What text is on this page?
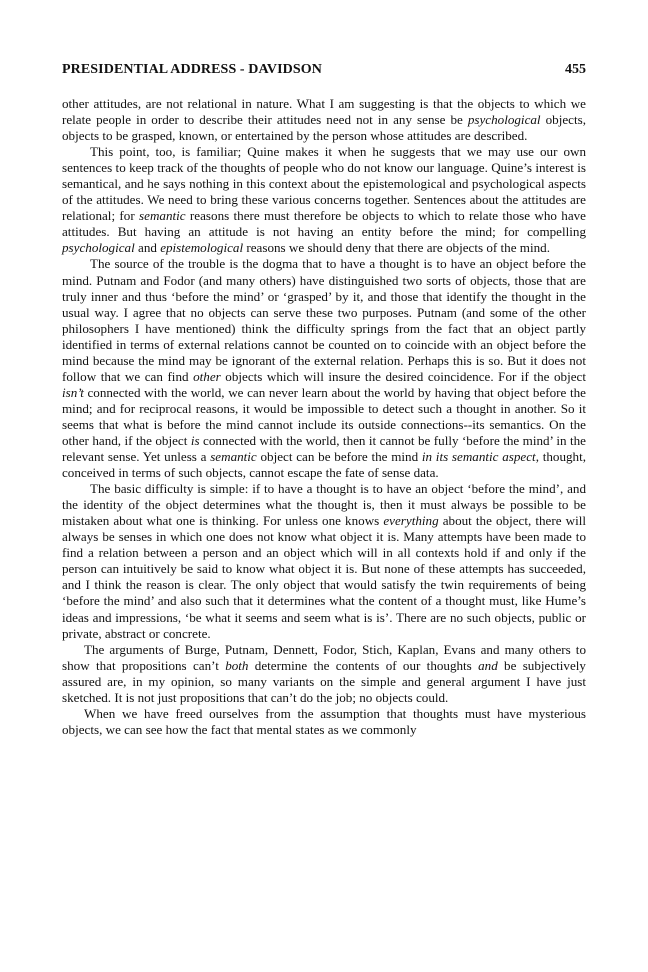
PRESIDENTIAL ADDRESS - DAVIDSON	455

other attitudes, are not relational in nature. What I am suggesting is that the objects to which we relate people in order to describe their attitudes need not in any sense be psychological objects, objects to be grasped, known, or entertained by the person whose attitudes are described.

This point, too, is familiar; Quine makes it when he suggests that we may use our own sentences to keep track of the thoughts of people who do not know our language. Quine’s interest is semantical, and he says nothing in this context about the epistemological and psychological aspects of the attitudes. We need to bring these various concerns together. Sentences about the attitudes are relational; for semantic reasons there must therefore be objects to which to relate those who have attitudes. But having an attitude is not having an entity before the mind; for compelling psychological and epistemological reasons we should deny that there are objects of the mind.

The source of the trouble is the dogma that to have a thought is to have an object before the mind. Putnam and Fodor (and many others) have distinguished two sorts of objects, those that are truly inner and thus ‘before the mind’ or ‘grasped’ by it, and those that identify the thought in the usual way. I agree that no objects can serve these two purposes. Putnam (and some of the other philosophers I have mentioned) think the difficulty springs from the fact that an object partly identified in terms of external relations cannot be counted on to coincide with an object before the mind because the mind may be ignorant of the external relation. Perhaps this is so. But it does not follow that we can find other objects which will insure the desired coincidence. For if the object isn’t connected with the world, we can never learn about the world by having that object before the mind; and for reciprocal reasons, it would be impossible to detect such a thought in another. So it seems that what is before the mind cannot include its outside connections--its semantics. On the other hand, if the object is connected with the world, then it cannot be fully ‘before the mind’ in the relevant sense. Yet unless a semantic object can be before the mind in its semantic aspect, thought, conceived in terms of such objects, cannot escape the fate of sense data.

The basic difficulty is simple: if to have a thought is to have an object ‘before the mind’, and the identity of the object determines what the thought is, then it must always be possible to be mistaken about what one is thinking. For unless one knows everything about the object, there will always be senses in which one does not know what object it is. Many attempts have been made to find a relation between a person and an object which will in all contexts hold if and only if the person can intuitively be said to know what object it is. But none of these attempts has succeeded, and I think the reason is clear. The only object that would satisfy the twin requirements of being ‘before the mind’ and also such that it determines what the content of a thought must, like Hume’s ideas and impressions, ‘be what it seems and seem what is is’. There are no such objects, public or private, abstract or concrete.

The arguments of Burge, Putnam, Dennett, Fodor, Stich, Kaplan, Evans and many others to show that propositions can’t both determine the contents of our thoughts and be subjectively assured are, in my opinion, so many variants on the simple and general argument I have just sketched. It is not just propositions that can’t do the job; no objects could.

When we have freed ourselves from the assumption that thoughts must have mysterious objects, we can see how the fact that mental states as we commonly
